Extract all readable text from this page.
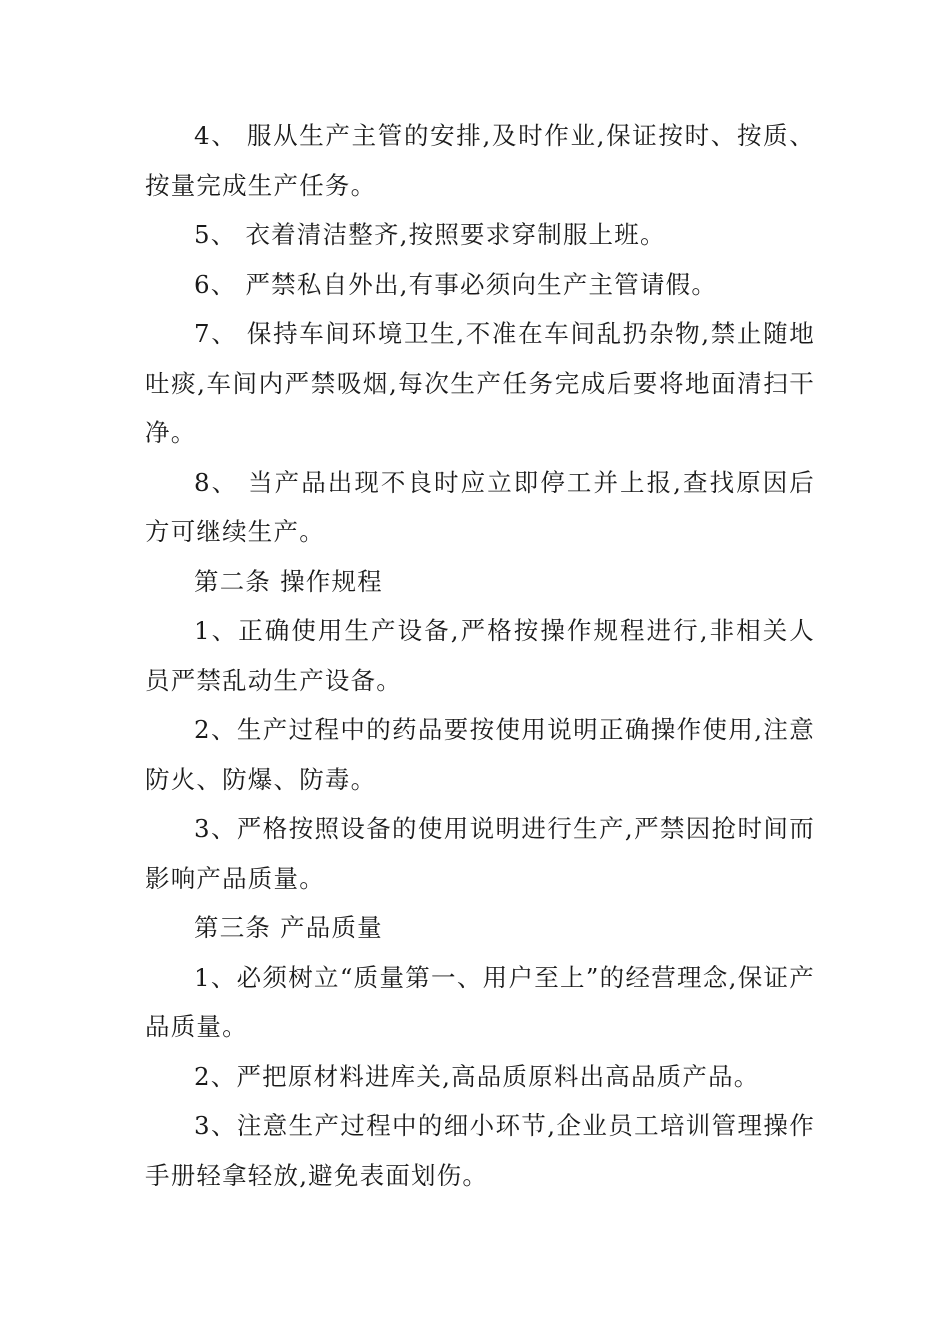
4、 服从生产主管的安排,及时作业,保证按时、按质、按量完成生产任务。

5、 衣着清洁整齐,按照要求穿制服上班。

6、 严禁私自外出,有事必须向生产主管请假。

7、 保持车间环境卫生,不准在车间乱扔杂物,禁止随地吐痰,车间内严禁吸烟,每次生产任务完成后要将地面清扫干净。

8、 当产品出现不良时应立即停工并上报,查找原因后方可继续生产。

第二条 操作规程

1、正确使用生产设备,严格按操作规程进行,非相关人员严禁乱动生产设备。

2、生产过程中的药品要按使用说明正确操作使用,注意防火、防爆、防毒。

3、严格按照设备的使用说明进行生产,严禁因抢时间而影响产品质量。

第三条 产品质量

1、必须树立“质量第一、用户至上”的经营理念,保证产品质量。

2、严把原材料进库关,高品质原料出高品质产品。

3、注意生产过程中的细小环节,企业员工培训管理操作手册轻拿轻放,避免表面划伤。
